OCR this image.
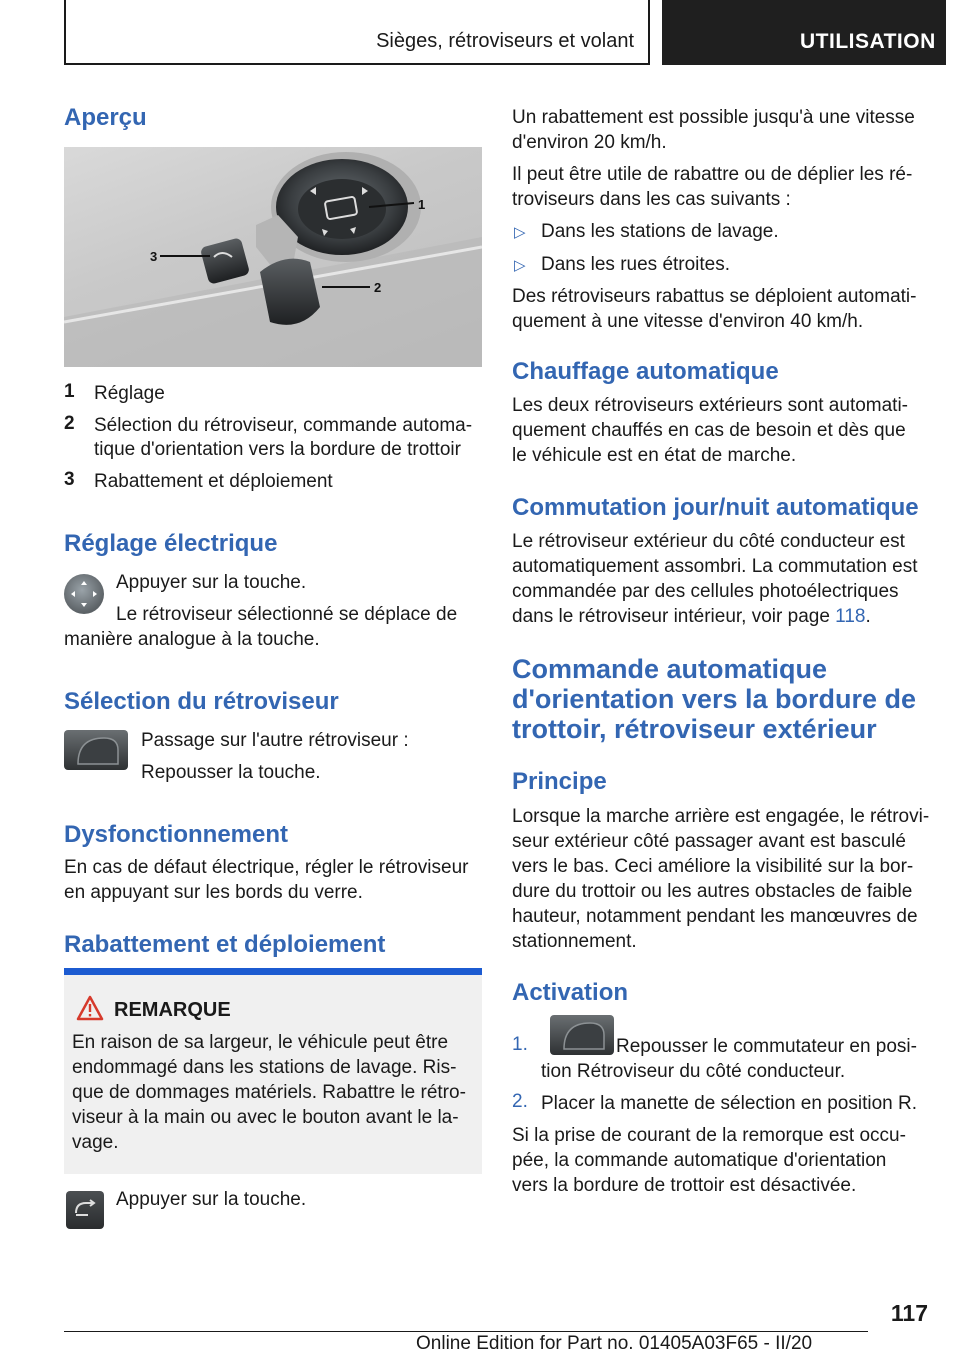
Sièges, rétroviseurs et volant	UTILISATION
Aperçu
1
2
3
1 Réglage

2 Sélection du rétroviseur, commande automa-

tique d'orientation vers la bordure de trottoir

3 Rabattement et déploiement

Réglage électrique

Appuyer sur la touche.

Le rétroviseur sélectionné se déplace de

manière analogue à la touche.

Sélection du rétroviseur

Passage sur l'autre rétroviseur :

Repousser la touche.

Dysfonctionnement

En cas de défaut électrique, régler le rétroviseur

en appuyant sur les bords du verre.

Rabattement et déploiement
REMARQUE

En raison de sa largeur, le véhicule peut être

endommagé dans les stations de lavage. Ris-

que de dommages matériels. Rabattre le rétro-

viseur à la main ou avec le bouton avant le la-

vage.

Appuyer sur la touche.

Un rabattement est possible jusqu'à une vitesse

d'environ 20 km/h.

Il peut être utile de rabattre ou de déplier les ré-

troviseurs dans les cas suivants :

▷ Dans les stations de lavage.

▷ Dans les rues étroites.

Des rétroviseurs rabattus se déploient automati-

quement à une vitesse d'environ 40 km/h.

Chauffage automatique

Les deux rétroviseurs extérieurs sont automati-

quement chauffés en cas de besoin et dès que

le véhicule est en état de marche.

Commutation jour/nuit automatique

Le rétroviseur extérieur du côté conducteur est

automatiquement assombri. La commutation est

commandée par des cellules photoélectriques

dans le rétroviseur intérieur, voir page 118.

Commande automatique d'orientation vers la bordure de trottoir, rétroviseur extérieur
Principe

Lorsque la marche arrière est engagée, le rétrovi-

seur extérieur côté passager avant est basculé

vers le bas. Ceci améliore la visibilité sur la bor-

dure du trottoir ou les autres obstacles de faible

hauteur, notamment pendant les manœuvres de

stationnement.

Activation
1.	Repousser le commutateur en posi-

tion Rétroviseur du côté conducteur.

2. Placer la manette de sélection en position R.

Si la prise de courant de la remorque est occu-

pée, la commande automatique d'orientation

vers la bordure de trottoir est désactivée.

117
Online Edition for Part no. 01405A03F65 - II/20
